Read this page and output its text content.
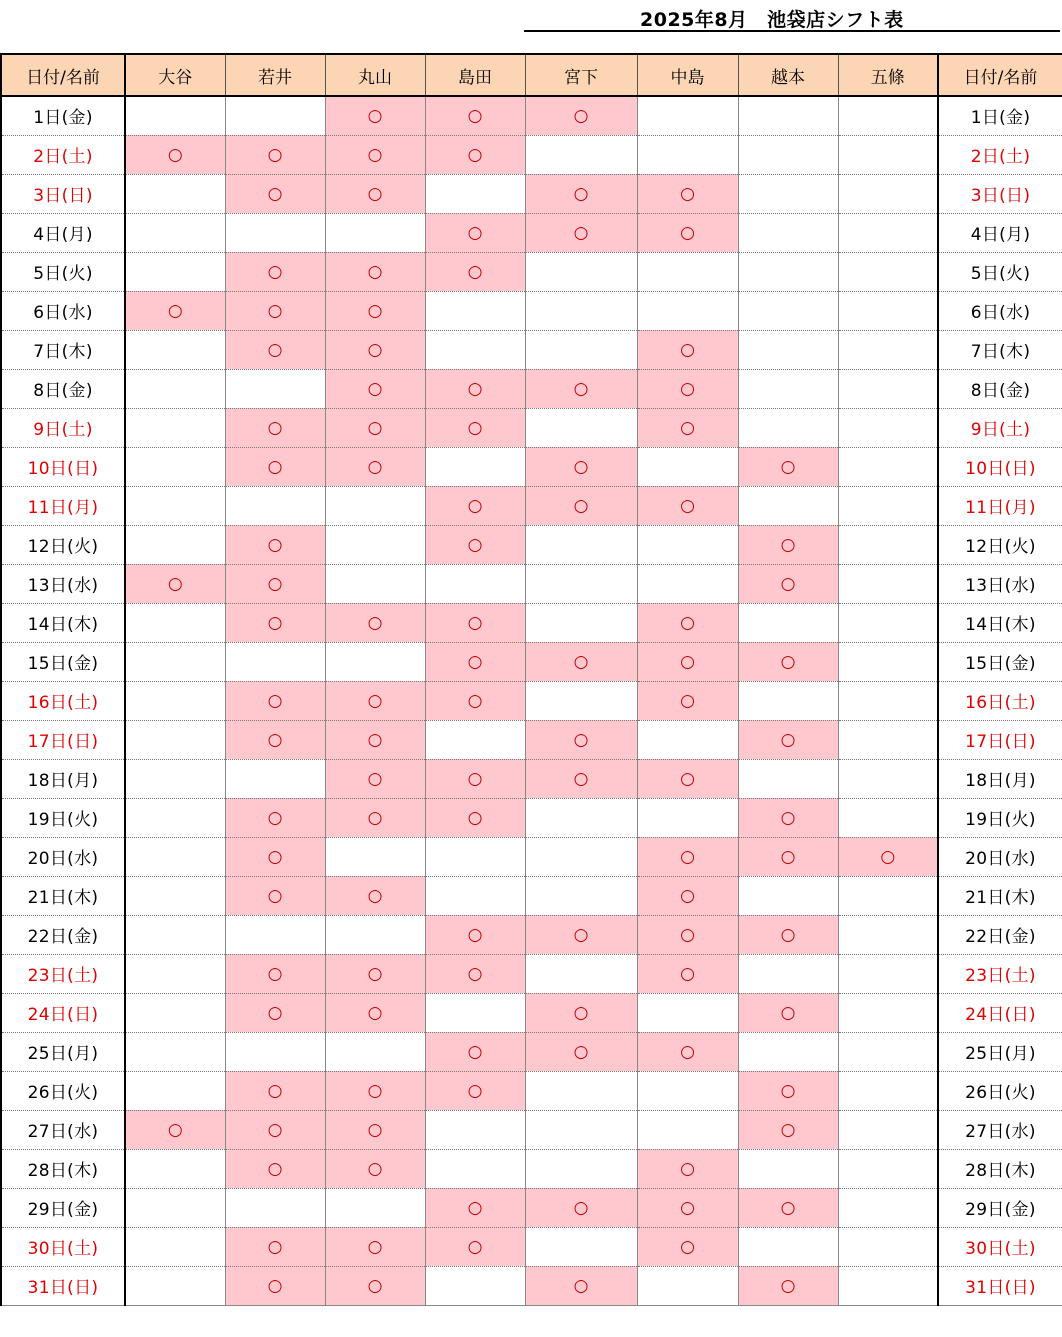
2025年8月　池袋店シフト表
日付/名前	大谷	若井	丸山	島田	宮下	中島	越本	五條	日付/名前
1日(金)			○	○	○				1日(金)
2日(土)	○	○	○	○					2日(土)
3日(日)		○	○		○	○			3日(日)
4日(月)				○	○	○			4日(月)
5日(火)		○	○	○					5日(火)
6日(水)	○	○	○						6日(水)
7日(木)		○	○			○			7日(木)
8日(金)			○	○	○	○			8日(金)
9日(土)		○	○	○		○			9日(土)
10日(日)		○	○		○		○		10日(日)
11日(月)				○	○	○			11日(月)
12日(火)		○		○			○		12日(火)
13日(水)	○	○					○		13日(水)
14日(木)		○	○	○		○			14日(木)
15日(金)				○	○	○	○		15日(金)
16日(土)		○	○	○		○			16日(土)
17日(日)		○	○		○		○		17日(日)
18日(月)			○	○	○	○			18日(月)
19日(火)		○	○	○			○		19日(火)
20日(水)		○				○	○	○	20日(水)
21日(木)		○	○			○			21日(木)
22日(金)				○	○	○	○		22日(金)
23日(土)		○	○	○		○			23日(土)
24日(日)		○	○		○		○		24日(日)
25日(月)				○	○	○			25日(月)
26日(火)		○	○	○			○		26日(火)
27日(水)	○	○	○				○		27日(水)
28日(木)		○	○			○			28日(木)
29日(金)				○	○	○	○		29日(金)
30日(土)		○	○	○		○			30日(土)
31日(日)		○	○		○		○		31日(日)
